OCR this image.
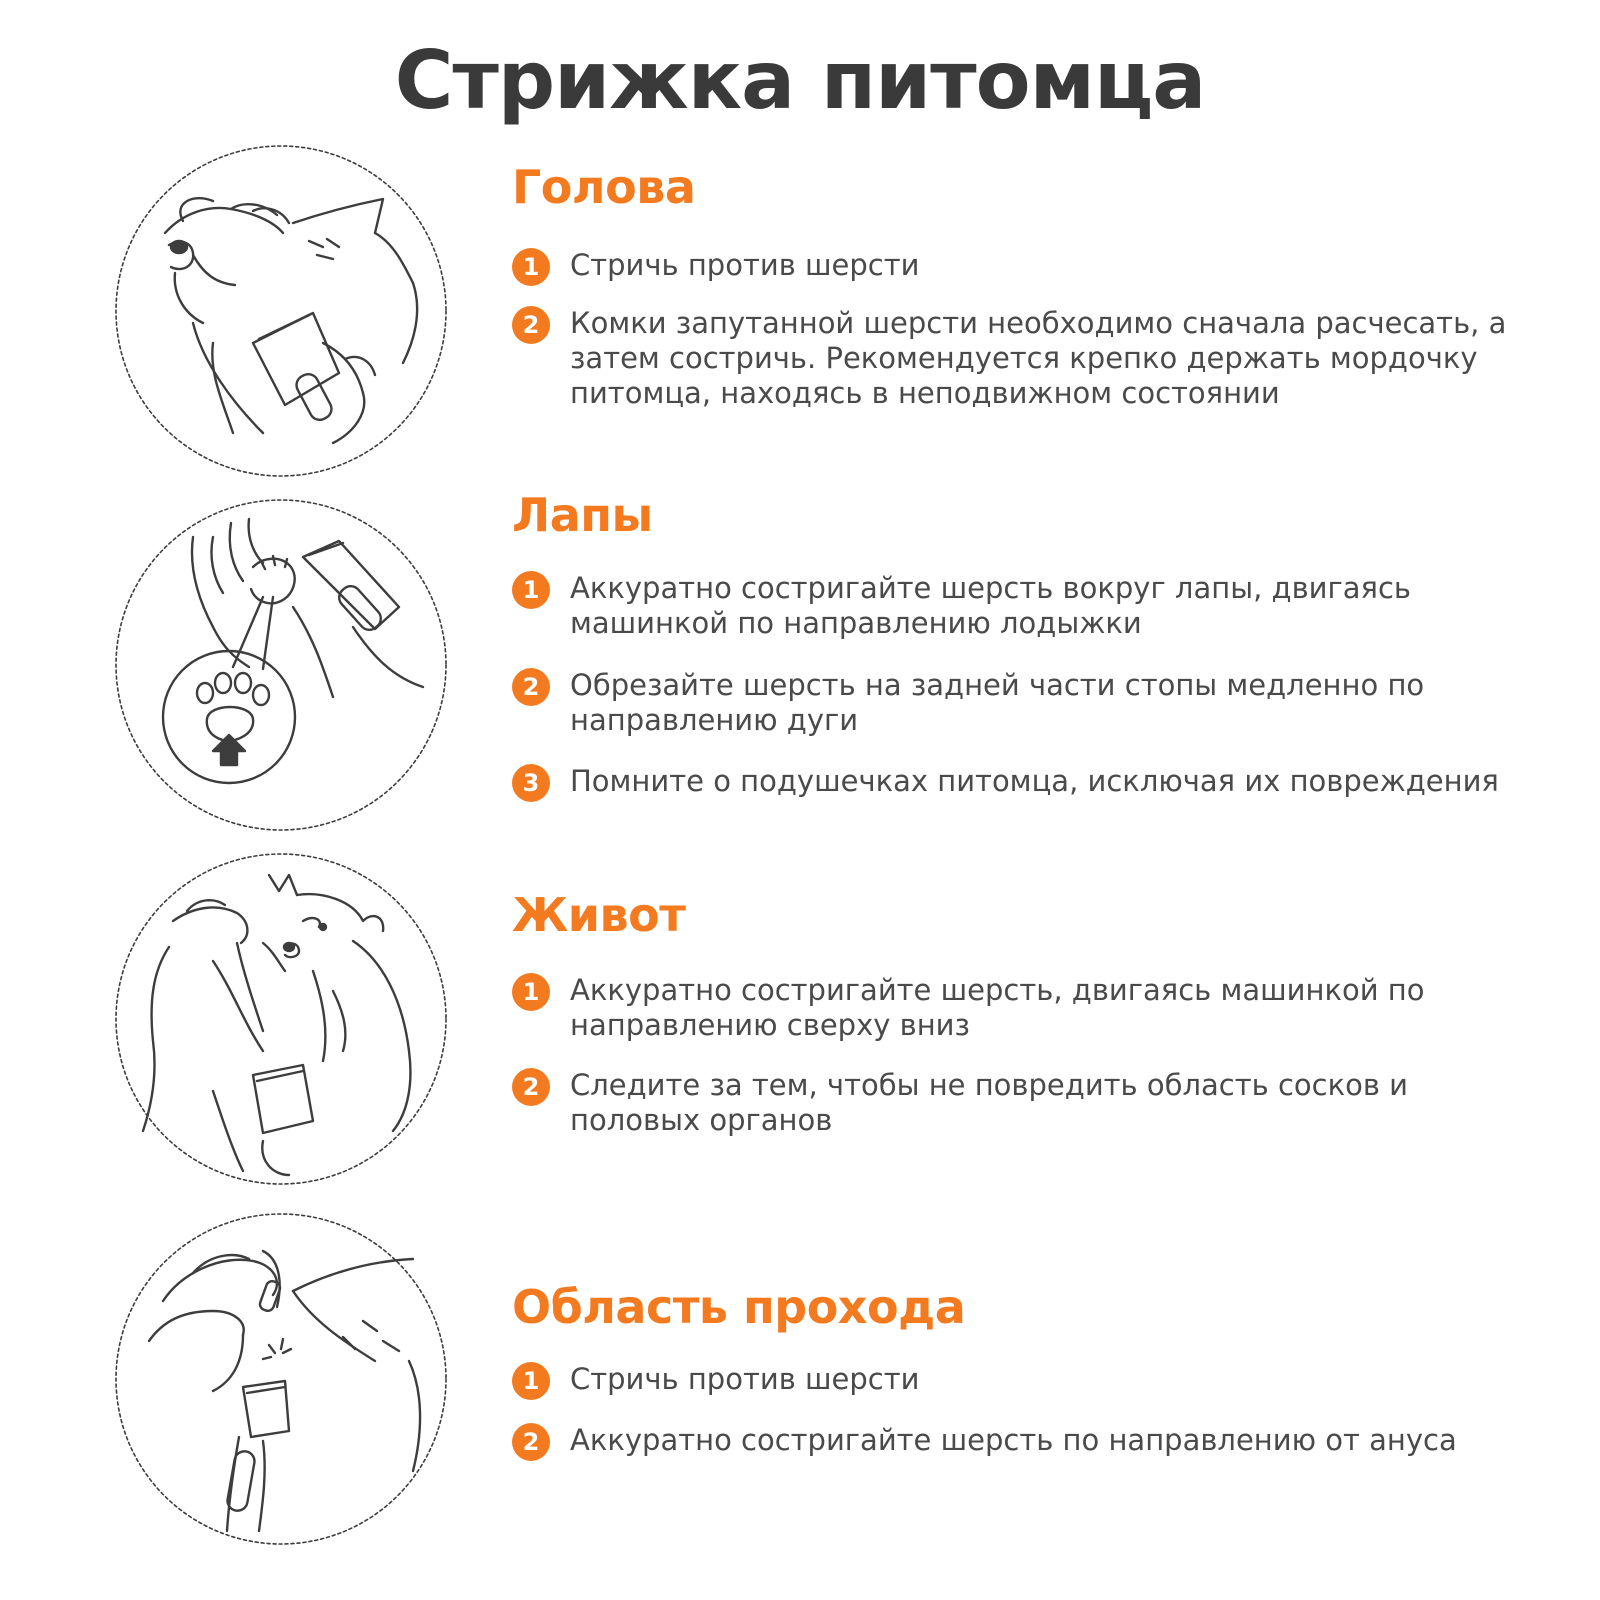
Стрижка питомца
Голова
1	Стричь против шерсти
2	Комки запутанной шерсти необходимо сначала расчесать, а затем состричь. Рекомендуется крепко держать мордочку питомца, находясь в неподвижном состоянии
Лапы
1	Аккуратно состригайте шерсть вокруг лапы, двигаясь машинкой по направлению лодыжки
2	Обрезайте шерсть на задней части стопы медленно по направлению дуги
3	Помните о подушечках питомца, исключая их повреждения
Живот
1	Аккуратно состригайте шерсть, двигаясь машинкой по направлению сверху вниз
2	Следите за тем, чтобы не повредить область сосков и половых органов
Область прохода
1	Стричь против шерсти
2	Аккуратно состригайте шерсть по направлению от ануса
